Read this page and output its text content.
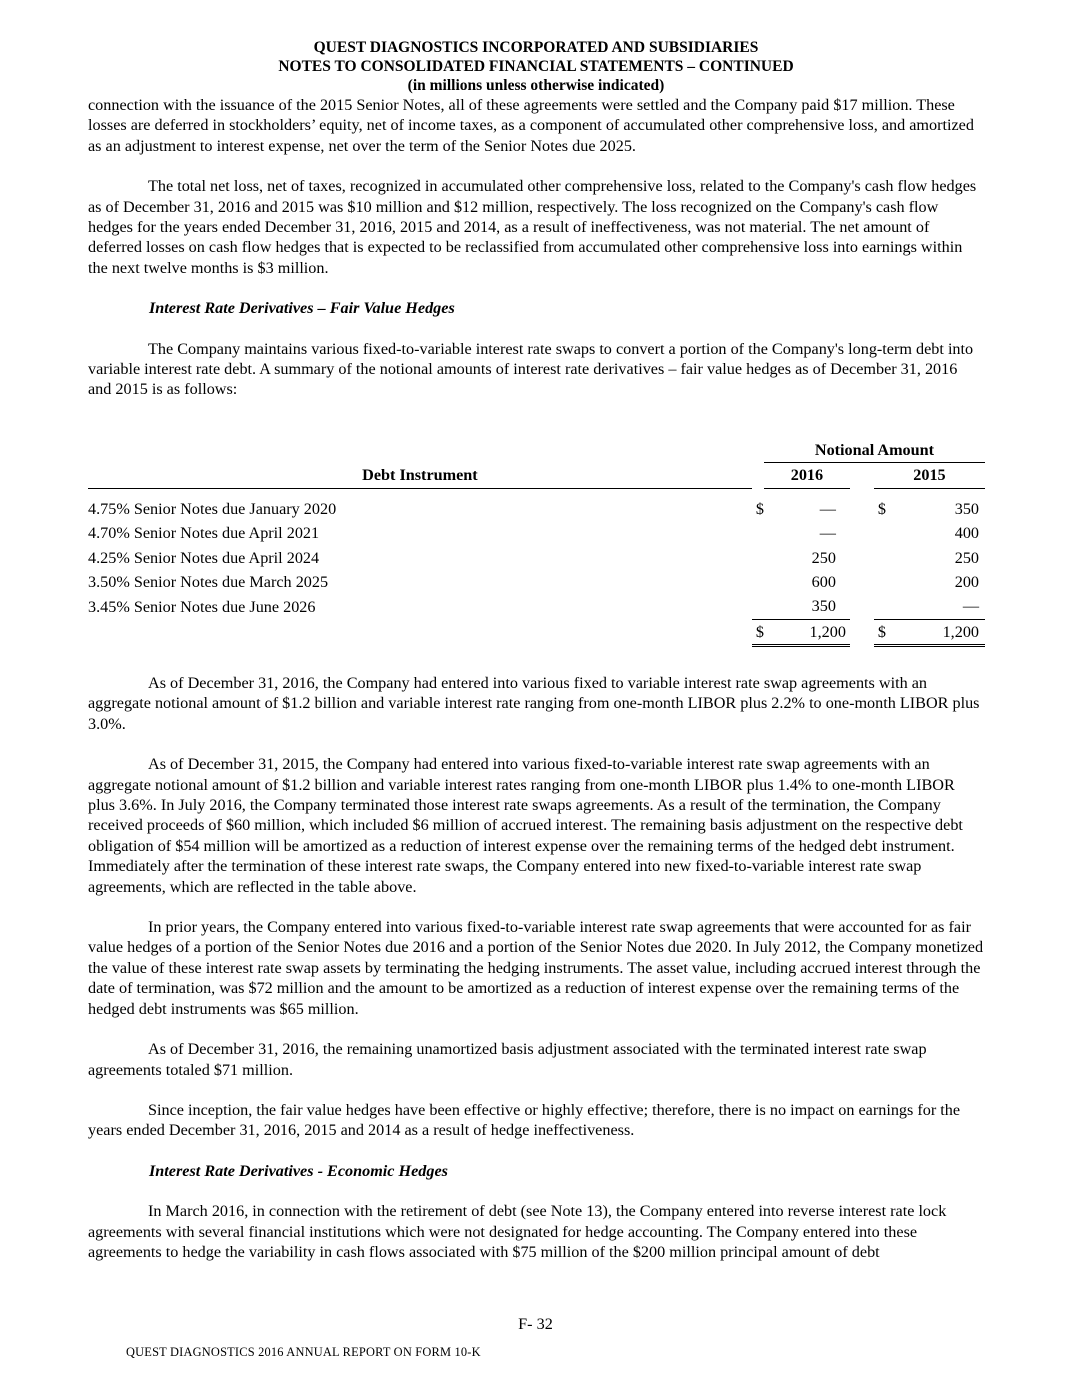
QUEST DIAGNOSTICS INCORPORATED AND SUBSIDIARIES
NOTES TO CONSOLIDATED FINANCIAL STATEMENTS – CONTINUED
(in millions unless otherwise indicated)

connection with the issuance of the 2015 Senior Notes, all of these agreements were settled and the Company paid $17 million. These losses are deferred in stockholders’ equity, net of income taxes, as a component of accumulated other comprehensive loss, and amortized as an adjustment to interest expense, net over the term of the Senior Notes due 2025.

The total net loss, net of taxes, recognized in accumulated other comprehensive loss, related to the Company's cash flow hedges as of December 31, 2016 and 2015 was $10 million and $12 million, respectively. The loss recognized on the Company's cash flow hedges for the years ended December 31, 2016, 2015 and 2014, as a result of ineffectiveness, was not material. The net amount of deferred losses on cash flow hedges that is expected to be reclassified from accumulated other comprehensive loss into earnings within the next twelve months is $3 million.

Interest Rate Derivatives – Fair Value Hedges

The Company maintains various fixed-to-variable interest rate swaps to convert a portion of the Company's long-term debt into variable interest rate debt. A summary of the notional amounts of interest rate derivatives – fair value hedges as of December 31, 2016 and 2015 is as follows:

		Notional Amount			
Debt Instrument		2016		2015	

4.75% Senior Notes due January 2020	$	—		$	350
4.70% Senior Notes due April 2021		—			400
4.25% Senior Notes due April 2024		250			250
3.50% Senior Notes due March 2025		600			200
3.45% Senior Notes due June 2026		350			—
	$	1,200		$	1,200

As of December 31, 2016, the Company had entered into various fixed to variable interest rate swap agreements with an aggregate notional amount of $1.2 billion and variable interest rate ranging from one-month LIBOR plus 2.2% to one-month LIBOR plus 3.0%.

As of December 31, 2015, the Company had entered into various fixed-to-variable interest rate swap agreements with an aggregate notional amount of $1.2 billion and variable interest rates ranging from one-month LIBOR plus 1.4% to one-month LIBOR plus 3.6%. In July 2016, the Company terminated those interest rate swaps agreements. As a result of the termination, the Company received proceeds of $60 million, which included $6 million of accrued interest. The remaining basis adjustment on the respective debt obligation of $54 million will be amortized as a reduction of interest expense over the remaining terms of the hedged debt instrument. Immediately after the termination of these interest rate swaps, the Company entered into new fixed-to-variable interest rate swap agreements, which are reflected in the table above.

In prior years, the Company entered into various fixed-to-variable interest rate swap agreements that were accounted for as fair value hedges of a portion of the Senior Notes due 2016 and a portion of the Senior Notes due 2020. In July 2012, the Company monetized the value of these interest rate swap assets by terminating the hedging instruments. The asset value, including accrued interest through the date of termination, was $72 million and the amount to be amortized as a reduction of interest expense over the remaining terms of the hedged debt instruments was $65 million.

As of December 31, 2016, the remaining unamortized basis adjustment associated with the terminated interest rate swap agreements totaled $71 million.

Since inception, the fair value hedges have been effective or highly effective; therefore, there is no impact on earnings for the years ended December 31, 2016, 2015 and 2014 as a result of hedge ineffectiveness.

Interest Rate Derivatives - Economic Hedges

In March 2016, in connection with the retirement of debt (see Note 13), the Company entered into reverse interest rate lock agreements with several financial institutions which were not designated for hedge accounting. The Company entered into these agreements to hedge the variability in cash flows associated with $75 million of the $200 million principal amount of debt

F- 32
QUEST DIAGNOSTICS 2016 ANNUAL REPORT ON FORM 10-K
